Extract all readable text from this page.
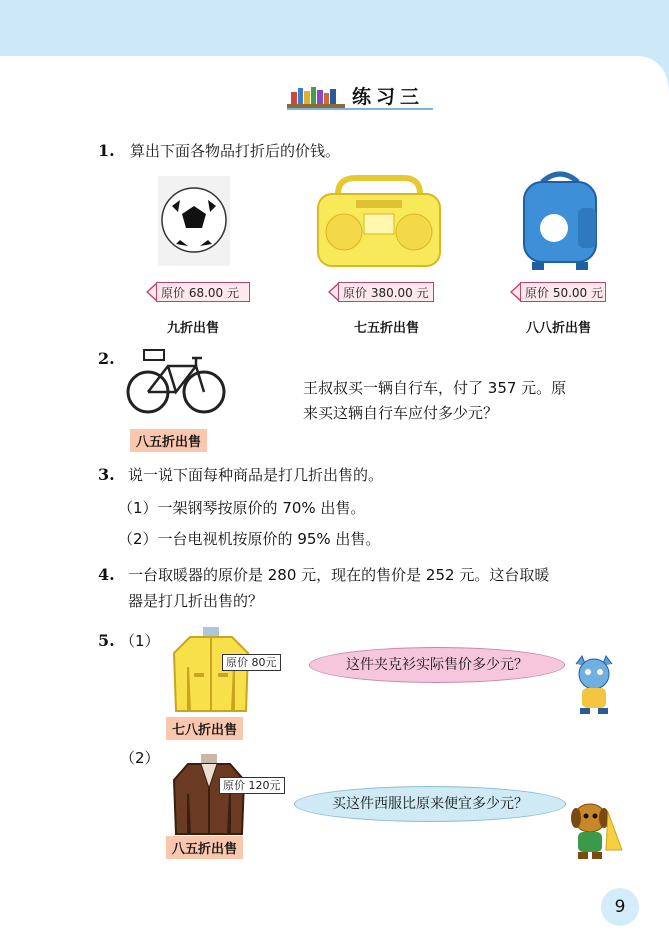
练习三
1. 算出下面各物品打折后的价钱。
原价 68.00 元	原价 380.00 元	原价 50.00 元
九折出售	七五折出售	八八折出售
2.
八五折出售
王叔叔买一辆自行车，付了 357 元。原
来买这辆自行车应付多少元？
3. 说一说下面每种商品是打几折出售的。
（1）一架钢琴按原价的 70% 出售。
（2）一台电视机按原价的 95% 出售。
4. 一台取暖器的原价是 280 元，现在的售价是 252 元。这台取暖
器是打几折出售的？
5. （1）
原价 80元
七八折出售
这件夹克衫实际售价多少元？
（2）
原价 120元
八五折出售
买这件西服比原来便宜多少元？
9
